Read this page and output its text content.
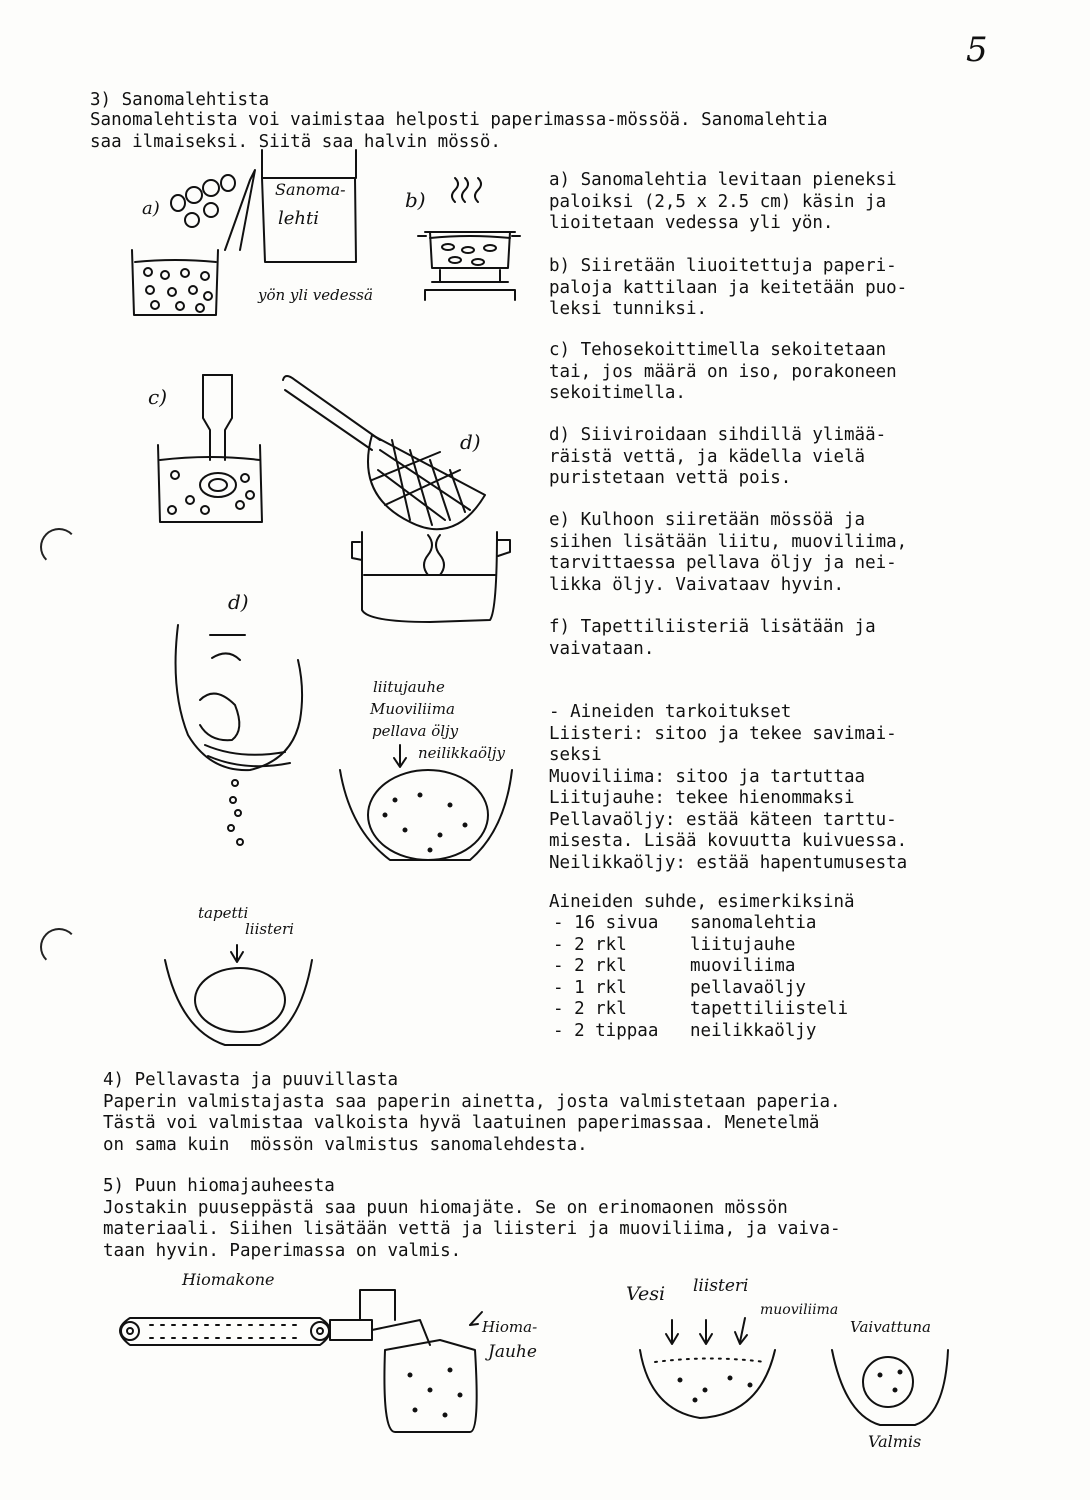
5
3) Sanomalehtista
Sanomalehtista voi vaimistaa helposti paperimassa-mössöä. Sanomalehtia
saa ilmaiseksi. Siitä saa halvin mössö.
a) Sanomalehtia levitaan pieneksi
paloiksi (2,5 x 2.5 cm) käsin ja
lioitetaan vedessa yli yön.
b) Siiretään liuoitettuja paperi-
paloja kattilaan ja keitetään puo-
leksi tunniksi.
c) Tehosekoittimella sekoitetaan
tai, jos määrä on iso, porakoneen
sekoitimella.
d) Siiviroidaan sihdillä ylimää-
räistä vettä, ja kädella vielä
puristetaan vettä pois.
e) Kulhoon siiretään mössöä ja
siihen lisätään liitu, muoviliima,
tarvittaessa pellava öljy ja nei-
likka öljy. Vaivataav hyvin.
f) Tapettiliisteriä lisätään ja
vaivataan.
- Aineiden tarkoitukset
Liisteri: sitoo ja tekee savimai-
seksi
Muoviliima: sitoo ja tartuttaa
Liitujauhe: tekee hienommaksi
Pellavaöljy: estää käteen tarttu-
misesta. Lisää kovuutta kuivuessa.
Neilikkaöljy: estää hapentumusesta
Aineiden suhde, esimerkiksinä
- 16 sivua
- 2 rkl
- 2 rkl
- 1 rkl
- 2 rkl
- 2 tippaa
sanomalehtia
liitujauhe
muoviliima
pellavaöljy
tapettiliisteli
neilikkaöljy
4) Pellavasta ja puuvillasta
Paperin valmistajasta saa paperin ainetta, josta valmistetaan paperia.
Tästä voi valmistaa valkoista hyvä laatuinen paperimassaa. Menetelmä
on sama kuin  mössön valmistus sanomalehdesta.
5) Puun hiomajauheesta
Jostakin puuseppästä saa puun hiomajäte. Se on erinomaonen mössön
materiaali. Siihen lisätään vettä ja liisteri ja muoviliima, ja vaiva-
taan hyvin. Paperimassa on valmis.
a)
Sanoma-
lehti
b)
yön yli vedessä
c)
d)
d)
liitujauhe
Muoviliima
pellava öljy
neilikkaöljy
tapetti
liisteri
Hiomakone
Hioma-
Jauhe
Vesi liisteri
muoviliima
Vaivattuna
Valmis
